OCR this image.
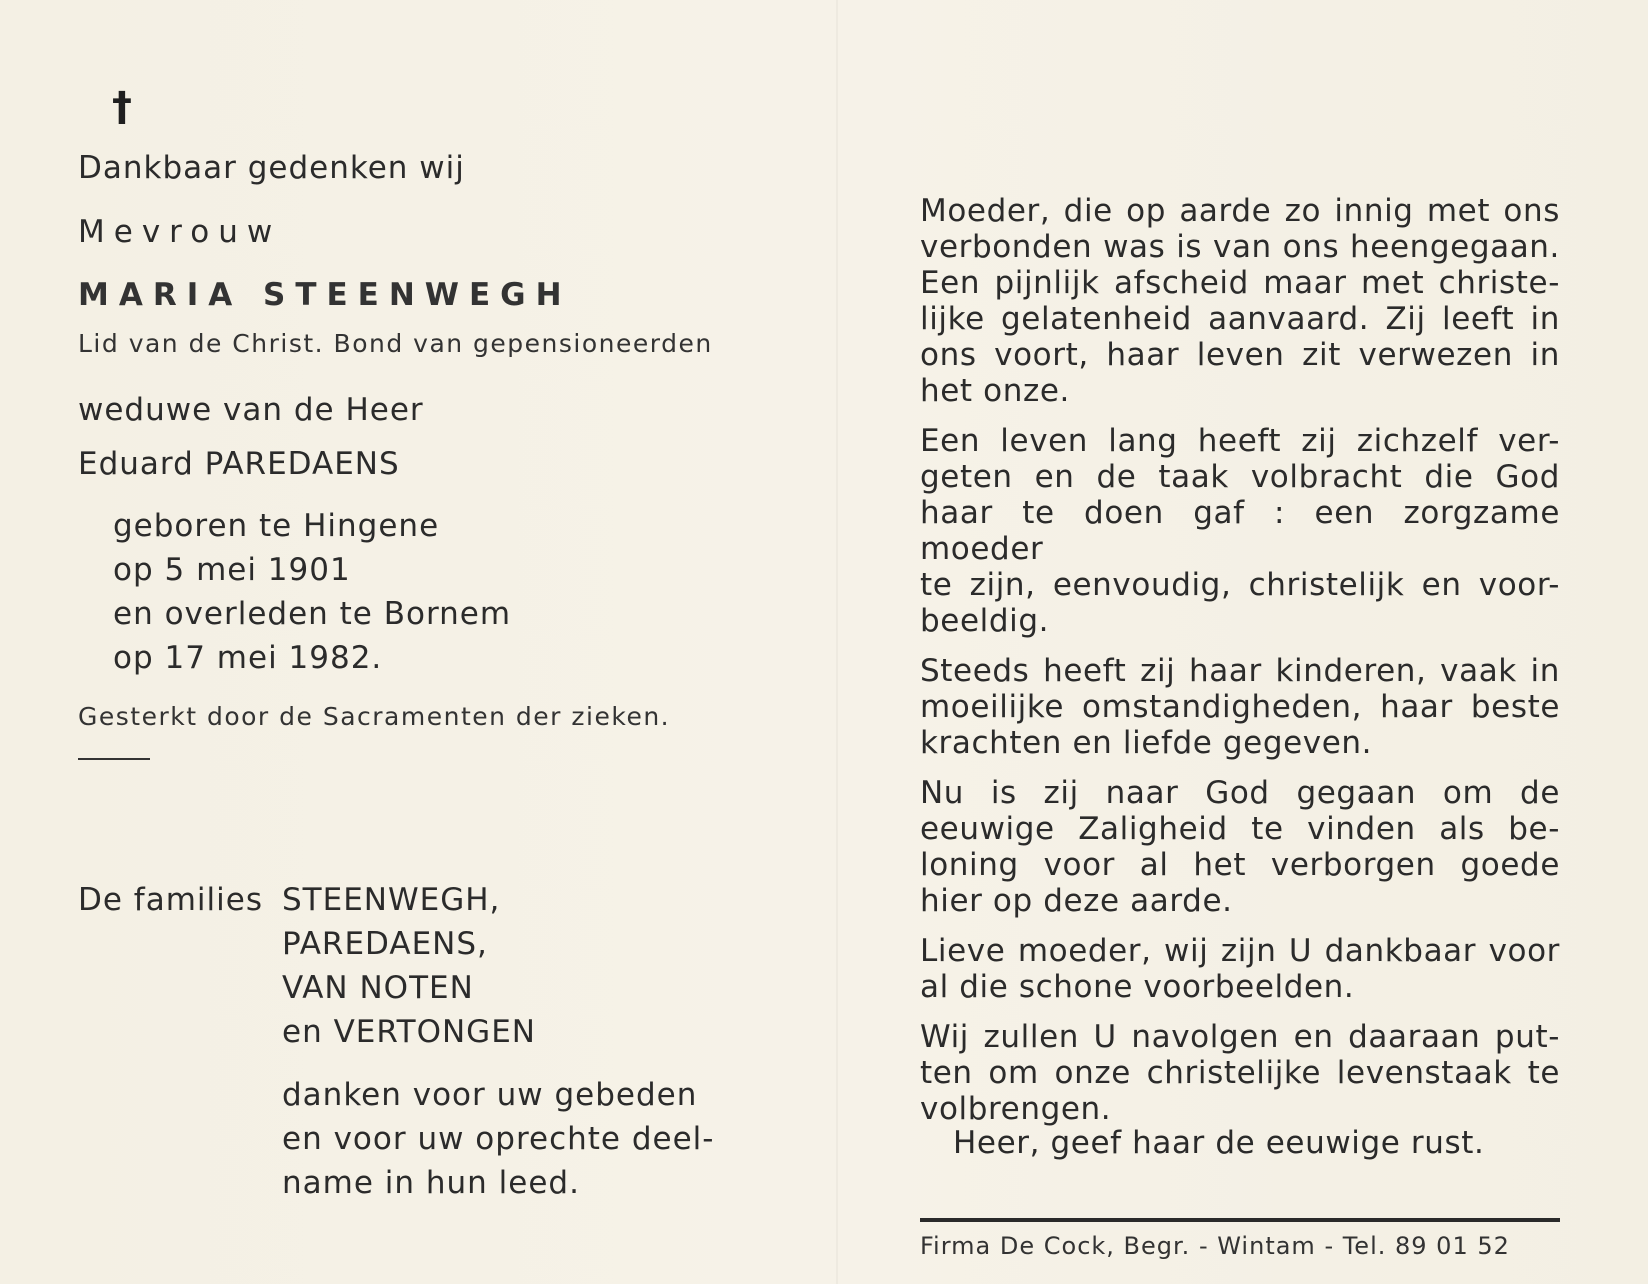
†
Dankbaar gedenken wij
Mevrouw
MARIA STEENWEGH
Lid van de Christ. Bond van gepensioneerden
weduwe van de Heer
Eduard PAREDAENS
geboren te Hingene
op 5 mei 1901
en overleden te Bornem
op 17 mei 1982.
Gesterkt door de Sacramenten der zieken.
De families STEENWEGH,
PAREDAENS,
VAN NOTEN
en VERTONGEN
danken voor uw gebeden
en voor uw oprechte deel-
name in hun leed.
Moeder, die op aarde zo innig met ons
verbonden was is van ons heengegaan.
Een pijnlijk afscheid maar met christe-
lijke gelatenheid aanvaard. Zij leeft in
ons voort, haar leven zit verwezen in
het onze.
Een leven lang heeft zij zichzelf ver-
geten en de taak volbracht die God
haar te doen gaf : een zorgzame moeder
te zijn, eenvoudig, christelijk en voor-
beeldig.
Steeds heeft zij haar kinderen, vaak in
moeilijke omstandigheden, haar beste
krachten en liefde gegeven.
Nu is zij naar God gegaan om de
eeuwige Zaligheid te vinden als be-
loning voor al het verborgen goede
hier op deze aarde.
Lieve moeder, wij zijn U dankbaar voor
al die schone voorbeelden.
Wij zullen U navolgen en daaraan put-
ten om onze christelijke levenstaak te
volbrengen.
Heer, geef haar de eeuwige rust.
Firma De Cock, Begr. - Wintam - Tel. 89 01 52
